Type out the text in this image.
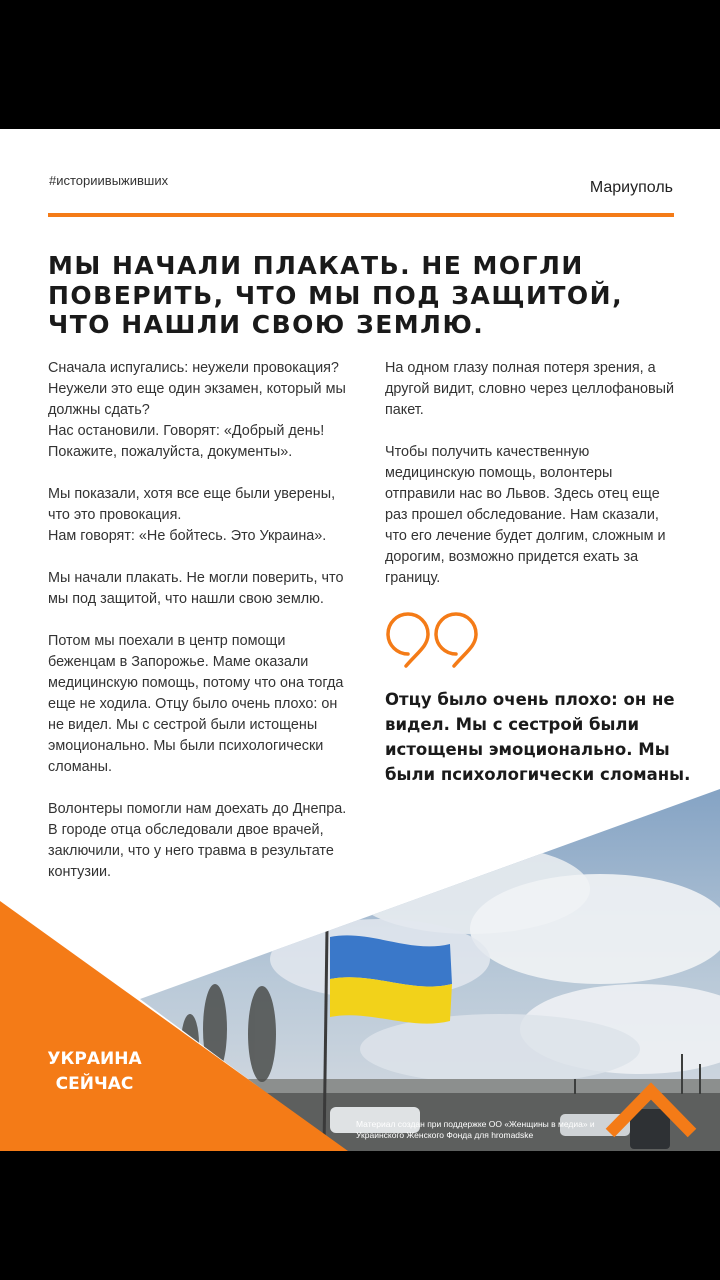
#историивыживших	Мариуполь
МЫ НАЧАЛИ ПЛАКАТЬ. НЕ МОГЛИ ПОВЕРИТЬ, ЧТО МЫ ПОД ЗАЩИТОЙ, ЧТО НАШЛИ СВОЮ ЗЕМЛЮ.

Сначала испугались: неужели провокация? Неужели это еще один экзамен, который мы должны сдать?
Нас остановили. Говорят: «Добрый день! Покажите, пожалуйста, документы».

Мы показали, хотя все еще были уверены, что это провокация.
Нам говорят: «Не бойтесь. Это Украина».

Мы начали плакать. Не могли поверить, что мы под защитой, что нашли свою землю.

Потом мы поехали в центр помощи беженцам в Запорожье. Маме оказали медицинскую помощь, потому что она тогда еще не ходила. Отцу было очень плохо: он не видел. Мы с сестрой были истощены эмоционально. Мы были психологически сломаны.

Волонтеры помогли нам доехать до Днепра. В городе отца обследовали двое врачей, заключили, что у него травма в результате контузии.

На одном глазу полная потеря зрения, а другой видит, словно через целлофановый пакет.

Чтобы получить качественную медицинскую помощь, волонтеры отправили нас во Львов. Здесь отец еще раз прошел обследование. Нам сказали, что его лечение будет долгим, сложным и дорогим, возможно придется ехать за границу.

Отцу было очень плохо: он не видел. Мы с сестрой были истощены эмоционально. Мы были психологически сломаны.
УКРАИНА
СЕЙЧАС
Материал создан при поддержке ОО «Женщины в медиа» и Украинского Женского Фонда для hromadske
